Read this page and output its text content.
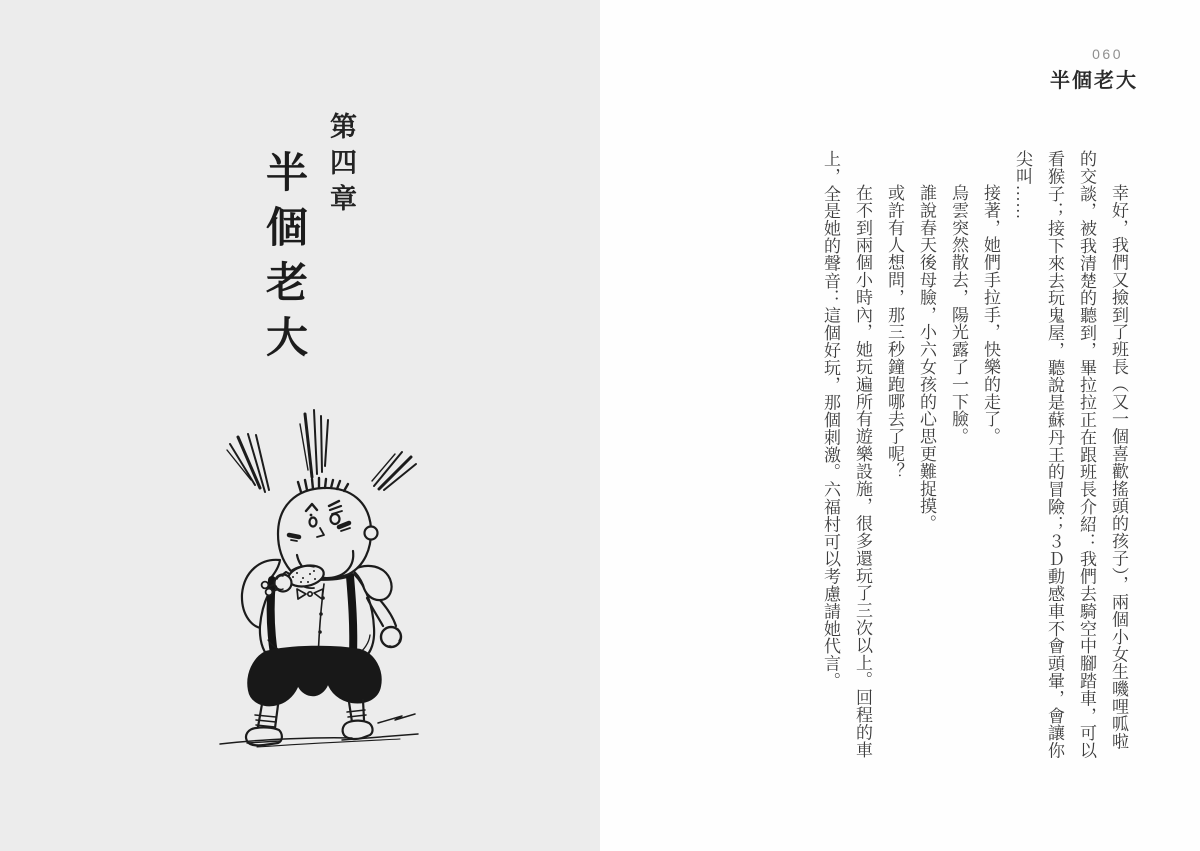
第四章
半個老大
060
半個老大

幸好，我們又撿到了班長（又一個喜歡搖頭的孩子），兩個小女生嘰哩呱啦的交談，被我清楚的聽到，畢拉拉正在跟班長介紹：我們去騎空中腳踏車，可以看猴子；接下來去玩鬼屋，聽說是蘇丹王的冒險；３Ｄ動感車不會頭暈，會讓你尖叫……

接著，她們手拉手，快樂的走了。

烏雲突然散去，陽光露了一下臉。

誰說春天後母臉，小六女孩的心思更難捉摸。

或許有人想問，那三秒鐘跑哪去了呢？

在不到兩個小時內，她玩遍所有遊樂設施，很多還玩了三次以上。回程的車上，全是她的聲音：這個好玩，那個刺激。六福村可以考慮請她代言。
